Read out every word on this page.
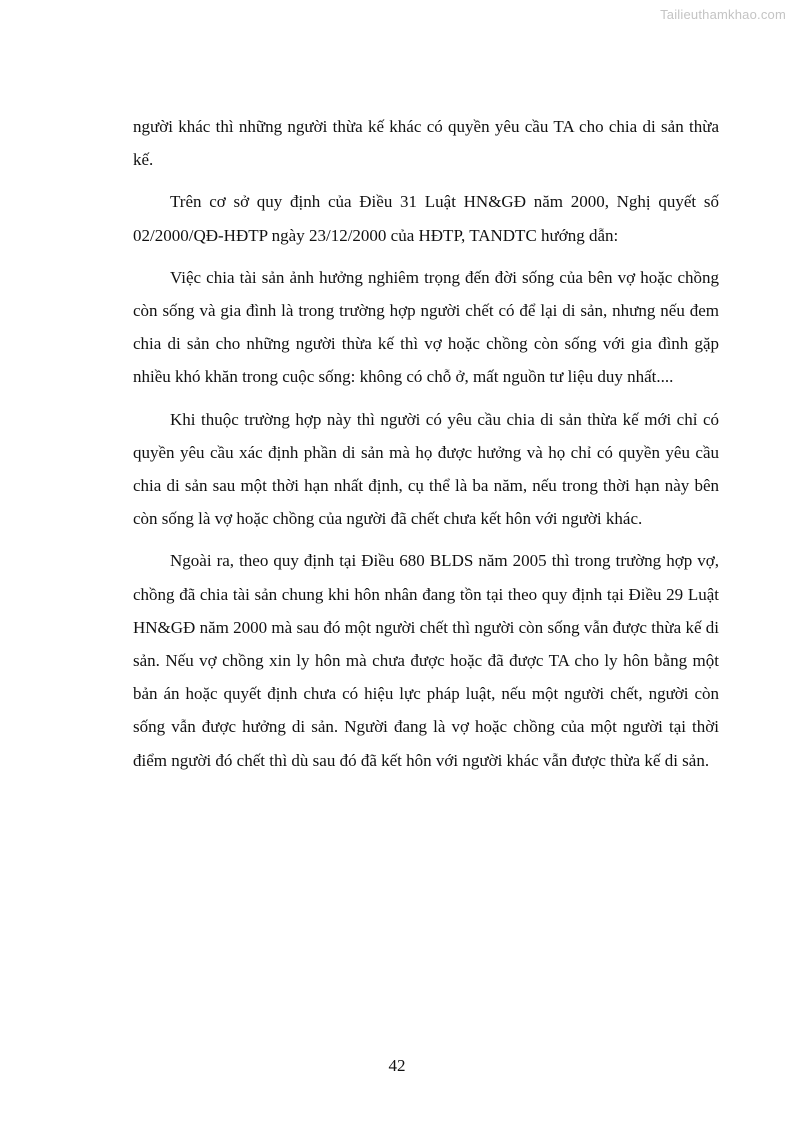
Tailieuthamkhao.com

người khác thì những người thừa kế khác có quyền yêu cầu TA cho chia di sản thừa kế.

Trên cơ sở quy định của Điều 31 Luật HN&GĐ năm 2000, Nghị quyết số 02/2000/QĐ-HĐTP ngày 23/12/2000 của HĐTP, TANDTC hướng dẫn:

Việc chia tài sản ảnh hưởng nghiêm trọng đến đời sống của bên vợ hoặc chồng còn sống và gia đình là trong trường hợp người chết có để lại di sản, nhưng nếu đem chia di sản cho những người thừa kế thì vợ hoặc chồng còn sống với gia đình gặp nhiều khó khăn trong cuộc sống: không có chỗ ở, mất nguồn tư liệu duy nhất....

Khi thuộc trường hợp này thì người có yêu cầu chia di sản thừa kế mới chỉ có quyền yêu cầu xác định phần di sản mà họ được hưởng và họ chỉ có quyền yêu cầu chia di sản sau một thời hạn nhất định, cụ thể là ba năm, nếu trong thời hạn này bên còn sống là vợ hoặc chồng của người đã chết chưa kết hôn với người khác.

Ngoài ra, theo quy định tại Điều 680 BLDS năm 2005 thì trong trường hợp vợ, chồng đã chia tài sản chung khi hôn nhân đang tồn tại theo quy định tại Điều 29 Luật HN&GĐ năm 2000 mà sau đó một người chết thì người còn sống vẫn được thừa kế di sản. Nếu vợ chồng xin ly hôn mà chưa được hoặc đã được TA cho ly hôn bằng một bản án hoặc quyết định chưa có hiệu lực pháp luật, nếu một người chết, người còn sống vẫn được hưởng di sản. Người đang là vợ hoặc chồng của một người tại thời điểm người đó chết thì dù sau đó đã kết hôn với người khác vẫn được thừa kế di sản.

42
